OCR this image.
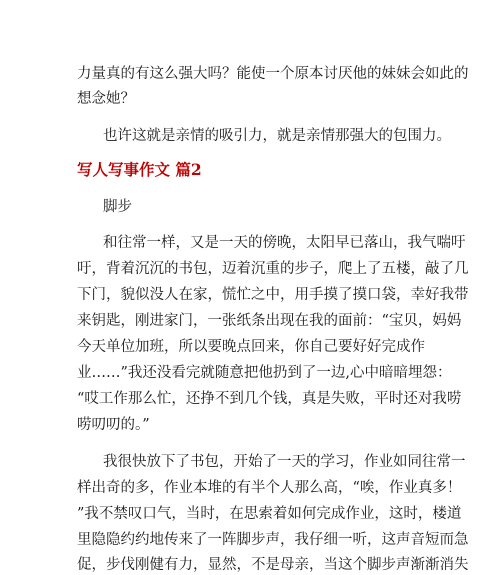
力量真的有这么强大吗？能使一个原本讨厌他的妹妹会如此的
想念她？
也许这就是亲情的吸引力，就是亲情那强大的包围力。
写人写事作文 篇2
脚步
和往常一样，又是一天的傍晚，太阳早已落山，我气喘吁
吁，背着沉沉的书包，迈着沉重的步子，爬上了五楼，敲了几
下门，貌似没人在家，慌忙之中，用手摸了摸口袋，幸好我带
来钥匙，刚进家门，一张纸条出现在我的面前：“宝贝，妈妈
今天单位加班，所以要晚点回来，你自己要好好完成作
业……”我还没看完就随意把他扔到了一边,心中暗暗埋怨：
“哎工作那么忙，还挣不到几个钱，真是失败，平时还对我唠
唠叨叨的。”
我很快放下了书包，开始了一天的学习，作业如同往常一
样出奇的多，作业本堆的有半个人那么高，“唉，作业真多！
”我不禁叹口气，当时，在思索着如何完成作业，这时，楼道
里隐隐约约地传来了一阵脚步声，我仔细一听，这声音短而急
促，步伐刚健有力，显然，不是母亲，当这个脚步声渐渐消失
